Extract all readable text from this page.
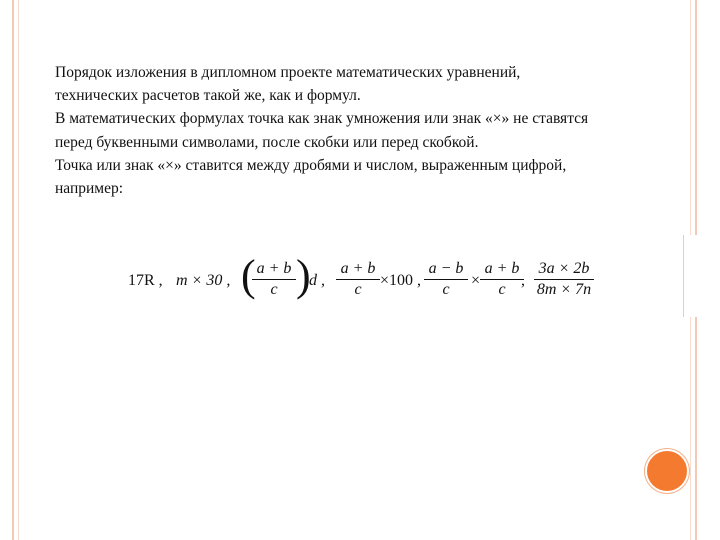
Порядок изложения в дипломном проекте математических уравнений,

технических расчетов такой же, как и формул.

В математических формулах точка как знак умножения или знак «×» не ставятся

перед буквенными символами, после скобки или перед скобкой.

Точка или знак «×» ставится между дробями и числом, выраженным цифрой,

например:

17R , m × 30 , ( a + b
c )
d ,
a + b
c
×100 ,
a − b
c
×
a + b
c
,
3a × 2b
8m × 7n
